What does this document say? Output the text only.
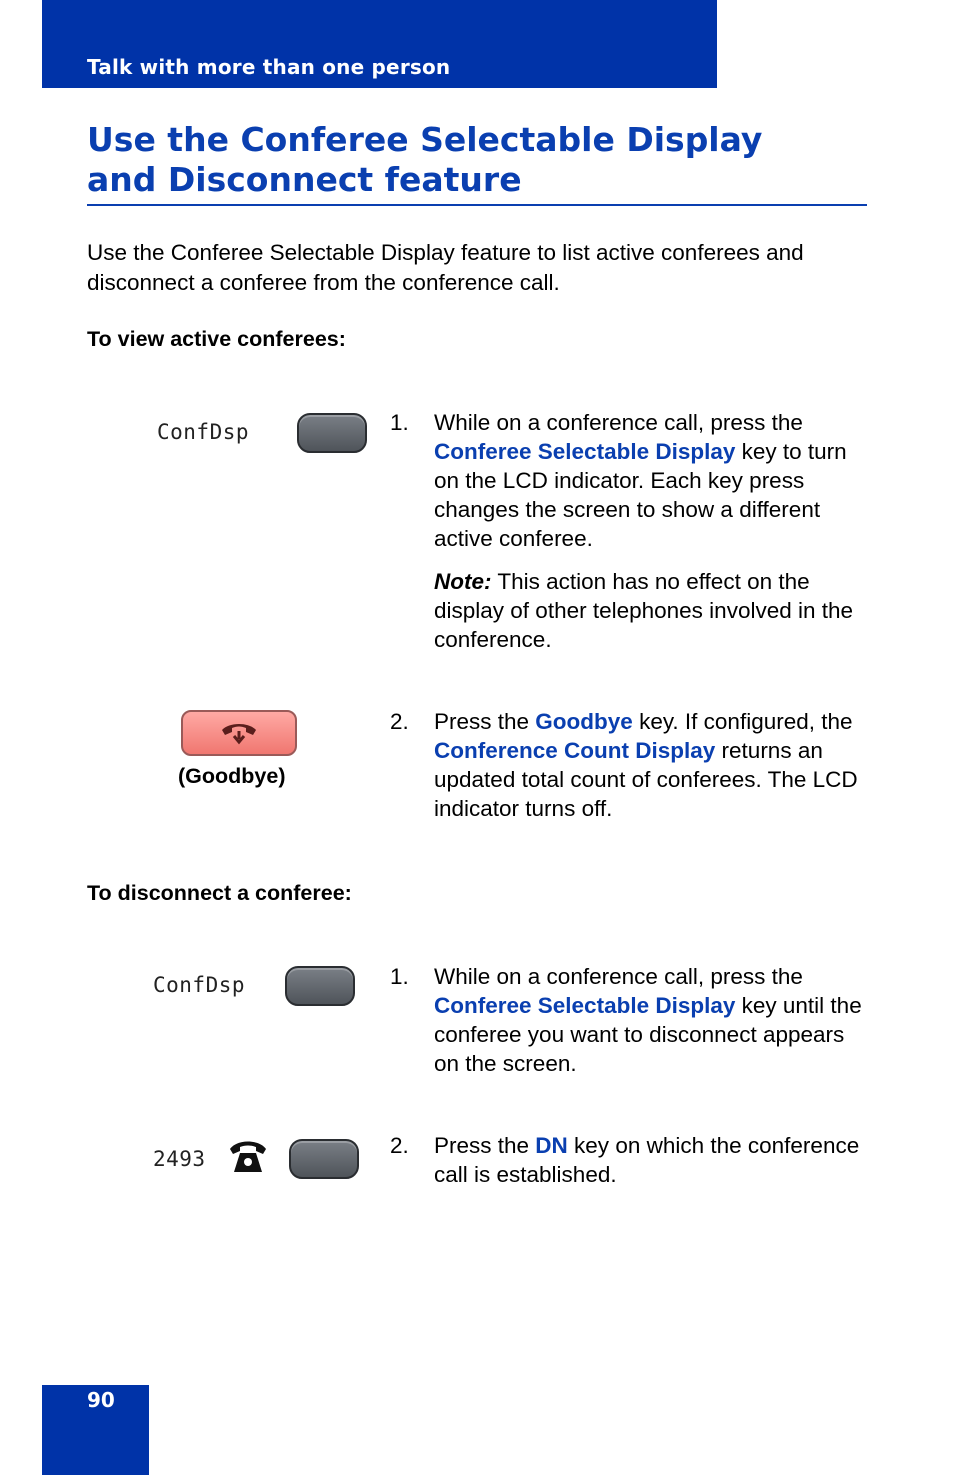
Talk with more than one person
Use the Conferee Selectable Display
and Disconnect feature
Use the Conferee Selectable Display feature to list active conferees and disconnect a conferee from the conference call.
To view active conferees:
ConfDsp	1. While on a conference call, press the Conferee Selectable Display key to turn on the LCD indicator. Each key press changes the screen to show a different active conferee.
Note: This action has no effect on the display of other telephones involved in the conference.
(Goodbye)
2. Press the Goodbye key. If configured, the Conference Count Display returns an updated total count of conferees. The LCD indicator turns off.
To disconnect a conferee:
ConfDsp	1. While on a conference call, press the Conferee Selectable Display key until the conferee you want to disconnect appears on the screen.
2493
2. Press the DN key on which the conference call is established.
90
